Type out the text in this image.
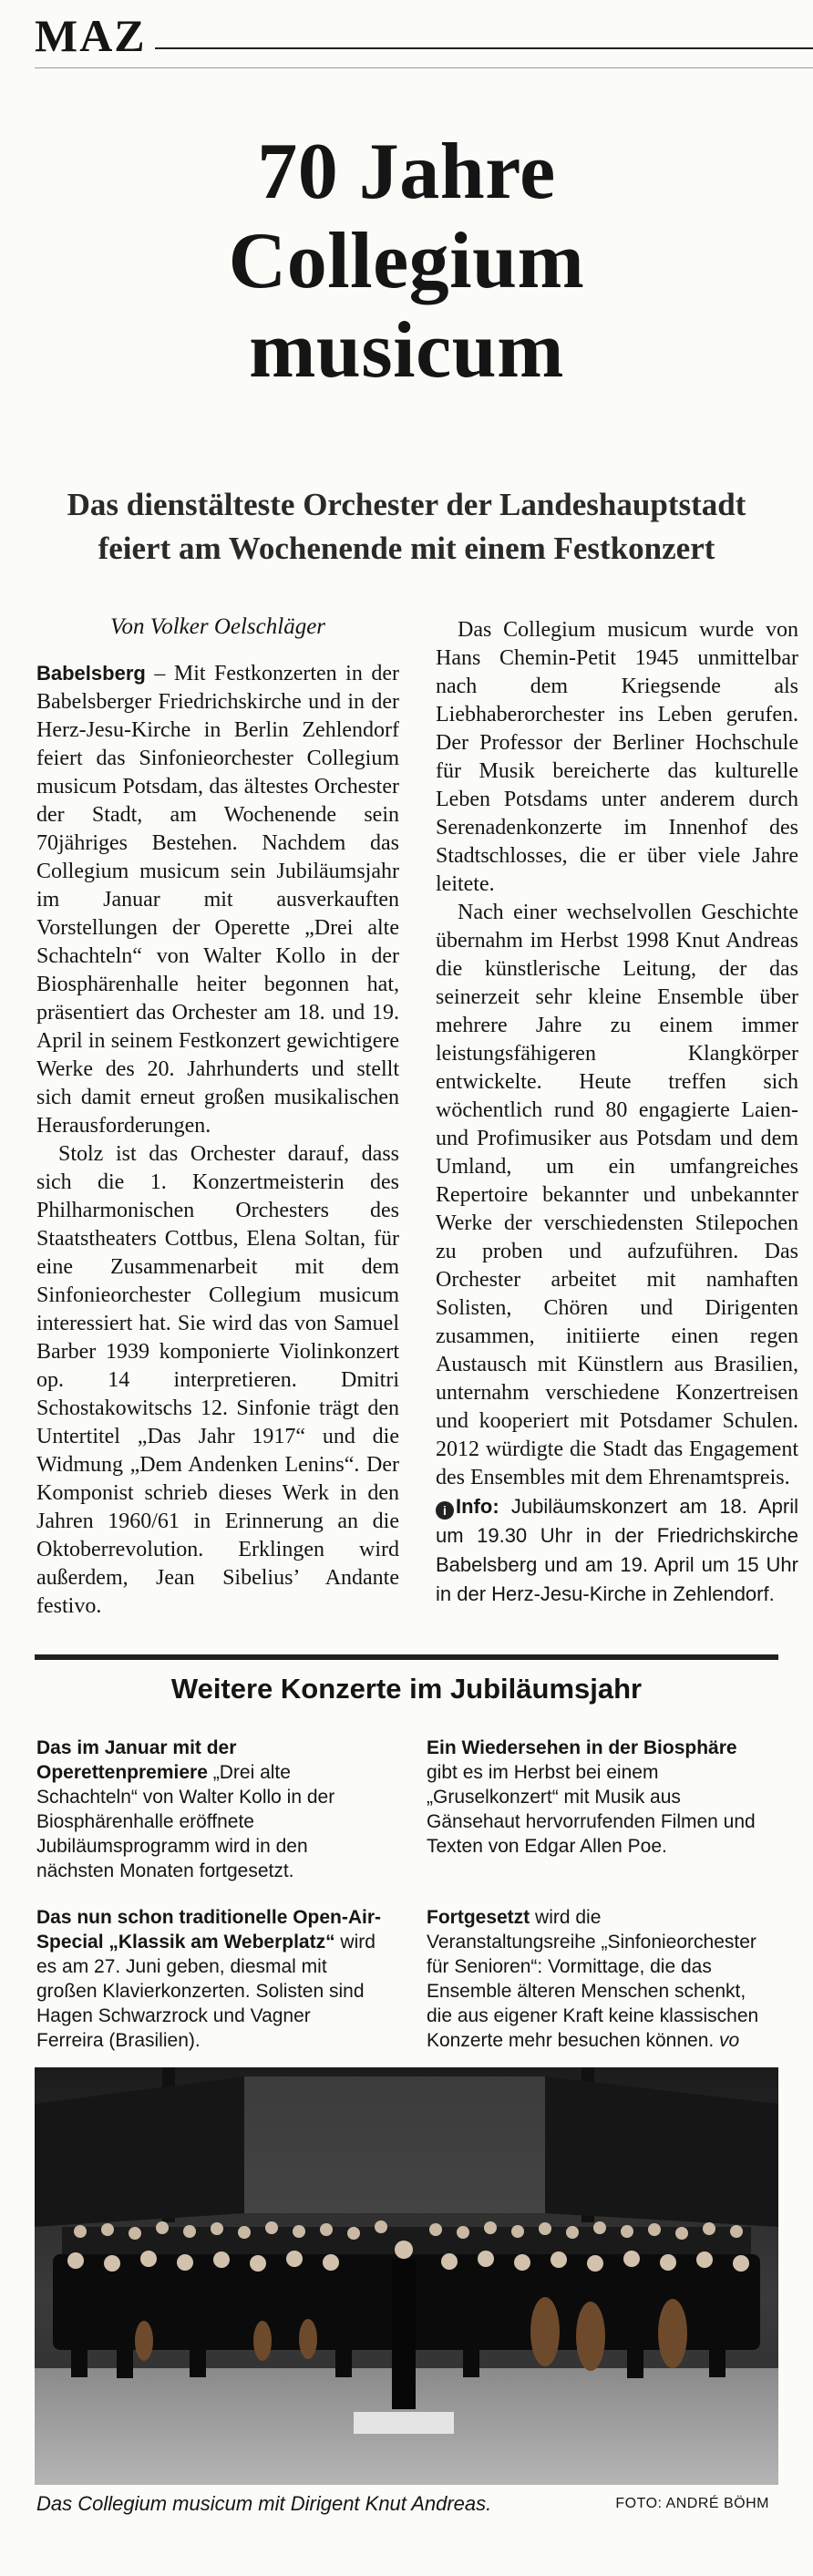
MAZ
70 Jahre
Collegium
musicum
Das dienstälteste Orchester der Landeshauptstadt
feiert am Wochenende mit einem Festkonzert
Von Volker Oelschläger

Babelsberg – Mit Festkonzerten in der Babelsberger Friedrichskirche und in der Herz-Jesu-Kirche in Berlin Zehlendorf feiert das Sinfonieorchester Collegium musicum Potsdam, das ältestes Orchester der Stadt, am Wochenende sein 70jähriges Bestehen. Nachdem das Collegium musicum sein Jubiläumsjahr im Januar mit ausverkauften Vorstellungen der Operette „Drei alte Schachteln“ von Walter Kollo in der Biosphärenhalle heiter begonnen hat, präsentiert das Orchester am 18. und 19. April in seinem Festkonzert gewichtigere Werke des 20. Jahrhunderts und stellt sich damit erneut großen musikalischen Herausforderungen.

Stolz ist das Orchester darauf, dass sich die 1. Konzertmeisterin des Philharmonischen Orchesters des Staatstheaters Cottbus, Elena Soltan, für eine Zusammenarbeit mit dem Sinfonieorchester Collegium musicum interessiert hat. Sie wird das von Samuel Barber 1939 komponierte Violinkonzert op. 14 interpretieren. Dmitri Schostakowitschs 12. Sinfonie trägt den Untertitel „Das Jahr 1917“ und die Widmung „Dem Andenken Lenins“. Der Komponist schrieb dieses Werk in den Jahren 1960/61 in Erinnerung an die Oktoberrevolution. Erklingen wird außerdem, Jean Sibelius’ Andante festivo.

Das Collegium musicum wurde von Hans Chemin-Petit 1945 unmittelbar nach dem Kriegsende als Liebhaberorchester ins Leben gerufen. Der Professor der Berliner Hochschule für Musik bereicherte das kulturelle Leben Potsdams unter anderem durch Serenadenkonzerte im Innenhof des Stadtschlosses, die er über viele Jahre leitete.

Nach einer wechselvollen Geschichte übernahm im Herbst 1998 Knut Andreas die künstlerische Leitung, der das seinerzeit sehr kleine Ensemble über mehrere Jahre zu einem immer leistungsfähigeren Klangkörper entwickelte. Heute treffen sich wöchentlich rund 80 engagierte Laien- und Profimusiker aus Potsdam und dem Umland, um ein umfangreiches Repertoire bekannter und unbekannter Werke der verschiedensten Stilepochen zu proben und aufzuführen. Das Orchester arbeitet mit namhaften Solisten, Chören und Dirigenten zusammen, initiierte einen regen Austausch mit Künstlern aus Brasilien, unternahm verschiedene Konzertreisen und kooperiert mit Potsdamer Schulen. 2012 würdigte die Stadt das Engagement des Ensembles mit dem Ehrenamtspreis.

i Info: Jubiläumskonzert am 18. April um 19.30 Uhr in der Friedrichskirche Babelsberg und am 19. April um 15 Uhr in der Herz-Jesu-Kirche in Zehlendorf.

Weitere Konzerte im Jubiläumsjahr
Das im Januar mit der Operettenpremiere „Drei alte Schachteln“ von Walter Kollo in der Biosphärenhalle eröffnete Jubiläumsprogramm wird in den nächsten Monaten fortgesetzt.
Das nun schon traditionelle Open-Air-Special „Klassik am Weberplatz“ wird es am 27. Juni geben, diesmal mit großen Klavierkonzerten. Solisten sind Hagen Schwarzrock und Vagner Ferreira (Brasilien).
Ein Wiedersehen in der Biosphäre gibt es im Herbst bei einem „Gruselkonzert“ mit Musik aus Gänsehaut hervorrufenden Filmen und Texten von Edgar Allen Poe.
Fortgesetzt wird die Veranstaltungsreihe „Sinfonieorchester für Senioren“: Vormittage, die das Ensemble älteren Menschen schenkt, die aus eigener Kraft keine klassischen Konzerte mehr besuchen können. vo
Das Collegium musicum mit Dirigent Knut Andreas.	FOTO: ANDRÉ BÖHM
